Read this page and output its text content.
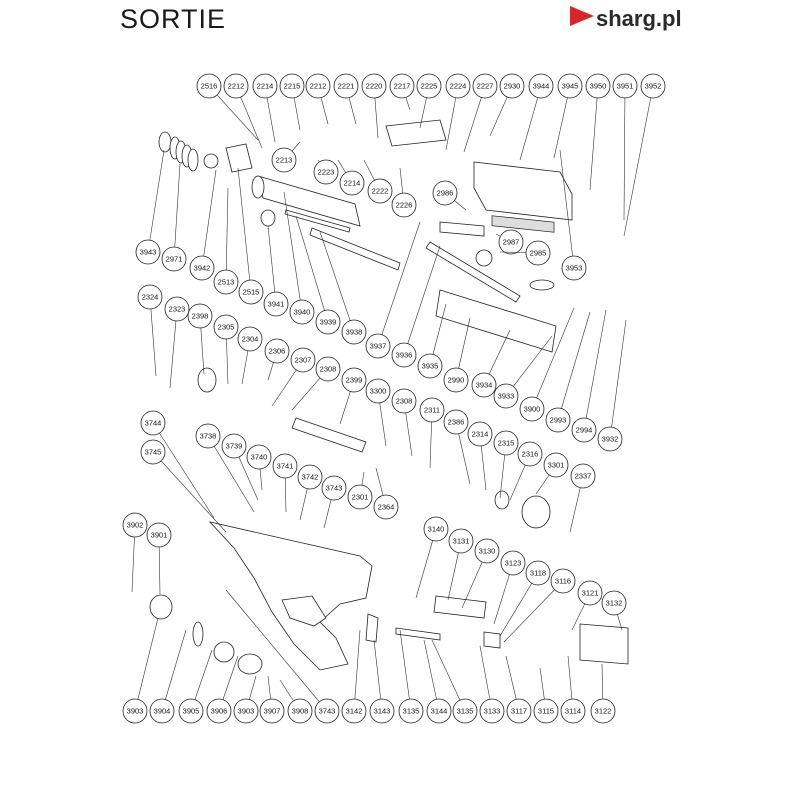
SORTIE	sharg.pl
2516 2212 2214 2215 2212 2221 2220 2217 2225 2224 2227 2930 3944 3945 3950 3951 3952
2213
2223
2214
2222
2226
2986
2987
2985
3943
2971
3942
2513
2515
3941
3940
3939
3938
3937
3936
3935
2990
3934
3933
3900
3953
2993
2994
3932
2324
2323
2398
2305
2304
2306
2307
2308
2399
3300
2308
2311
2386
2314
2315
2316
3301
2337
3744
3745
3738
3739
3740
3741
3742
3743
2301
2364
3902
3901
3140
3131
3130
3123
3118
3116
3121
3132
3903 3904 3905 3906 3903 3907 3908 3743 3142 3143 3135 3144 3135 3133 3117 3115 3114 3122
